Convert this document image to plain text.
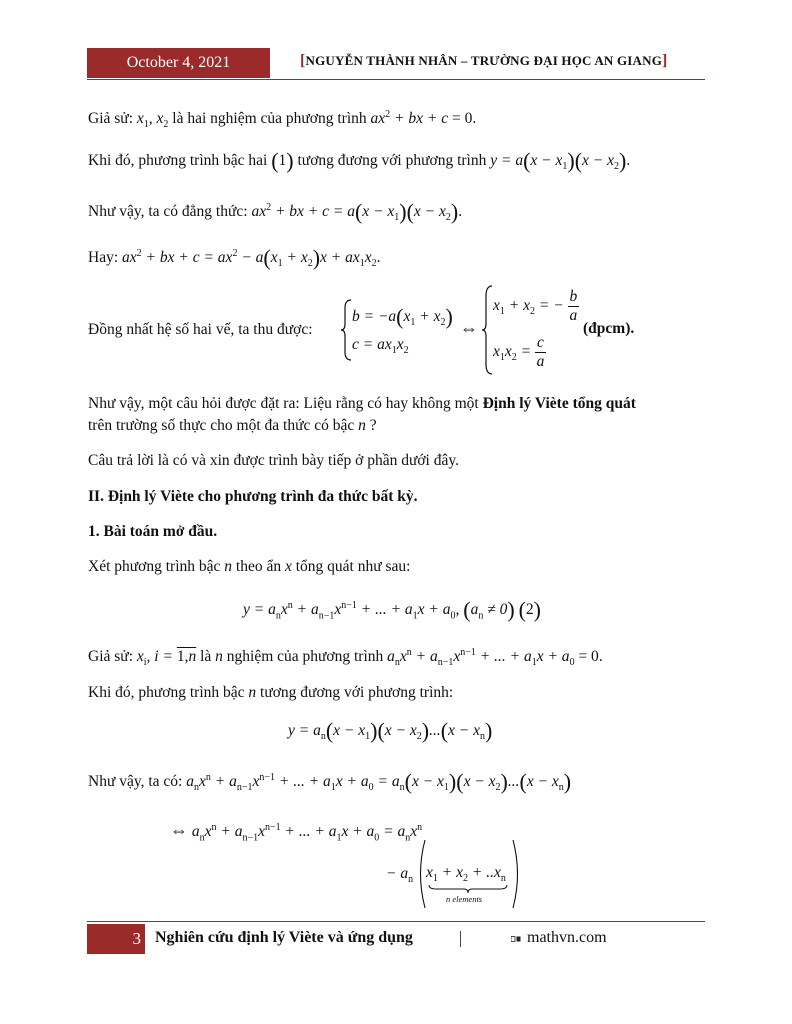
October 4, 2021	[NGUYỄN THÀNH NHÂN – TRƯỜNG ĐẠI HỌC AN GIANG]
Giả sử: $x_1$, $x_2$ là hai nghiệm của phương trình $ax^2$ + bx + c = 0.
Khi đó, phương trình bậc hai (1) tương đương với phương trình $y = a(x - x_1)(x - x_2)$.
Như vậy, ta có đẳng thức: $ax^2$ + bx + $c = a(x - x_1)(x - x_2)$.
Hay: $ax^2$ + bx + $c = ax^2 - a(x_1 + x_2)x + ax_1x_2$.
Đồng nhất hệ số hai vế, ta thu được:
$b = -a(x_1 + x_2)$
$c = ax_1x_2$
⇔
$x_1 + x_2$ = − $\frac{b}{a}$
$x_1x_2 = \frac{c}{a}$
(đpcm).
Như vậy, một câu hỏi được đặt ra: Liệu rằng có hay không một Định lý Viète tổng quát
trên trường số thực cho một đa thức có bậc n ?
Câu trả lời là có và xin được trình bày tiếp ở phần dưới đây.
II. Định lý Viète cho phương trình đa thức bất kỳ.
1. Bài toán mở đầu.
Xét phương trình bậc n theo ẩn x tổng quát như sau:
$y = a_nx^n + a_{n-1}x^{n-1}$ + ... + $a_1x + a_0$, $(a_n \ne 0)$ (2)
Giả sử: $x_i$, $i = 1,\overline{n}$ là n nghiệm của phương trình $a_nx^n + a_{n-1}x^{n-1}$ + ... + $a_1x + a_0 = 0$.
Khi đó, phương trình bậc n tương đương với phương trình:
$y = a_n(x - x_1)(x - x_2)...(x - x_n)$
Như vậy, ta có: $a_nx^n + a_{n-1}x^{n-1}$ + ... + $a_1x + a_0 = a_n(x - x_1)(x - x_2)...(x - x_n)$
⇔ $a_nx^n + a_{n-1}x^{n-1}$ + ... + $a_1x + a_0 = a_nx^n$
− $a_n$ $x_1 + x_2 + ..x_n$
n elements
3 Nghiên cứu định lý Viète và ứng dụng	mathvn.com
